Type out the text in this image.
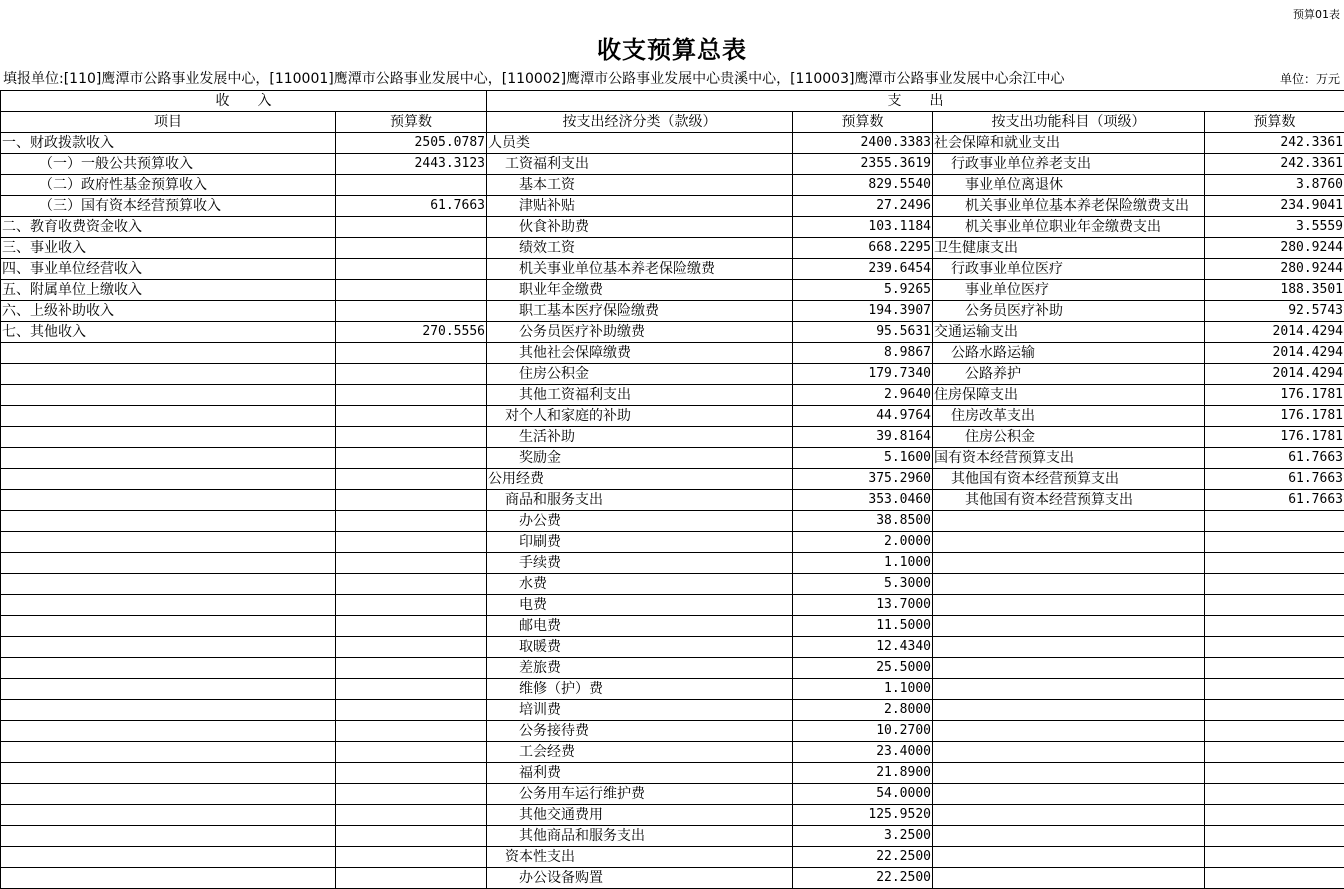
预算01表
收支预算总表
填报单位:[110]鹰潭市公路事业发展中心，[110001]鹰潭市公路事业发展中心，[110002]鹰潭市公路事业发展中心贵溪中心，[110003]鹰潭市公路事业发展中心余江中心	单位：万元
收　　入		支　　出			
项目	预算数	按支出经济分类（款级）	预算数	按支出功能科目（项级）	预算数
一、财政拨款收入	2505.0787	人员类	2400.3383	社会保障和就业支出	242.3361
（一）一般公共预算收入	2443.3123	工资福利支出	2355.3619	行政事业单位养老支出	242.3361
（二）政府性基金预算收入		基本工资	829.5540	事业单位离退休	3.8760
（三）国有资本经营预算收入	61.7663	津贴补贴	27.2496	机关事业单位基本养老保险缴费支出	234.9041
二、教育收费资金收入		伙食补助费	103.1184	机关事业单位职业年金缴费支出	3.5559
三、事业收入		绩效工资	668.2295	卫生健康支出	280.9244
四、事业单位经营收入		机关事业单位基本养老保险缴费	239.6454	行政事业单位医疗	280.9244
五、附属单位上缴收入		职业年金缴费	5.9265	事业单位医疗	188.3501
六、上级补助收入		职工基本医疗保险缴费	194.3907	公务员医疗补助	92.5743
七、其他收入	270.5556	公务员医疗补助缴费	95.5631	交通运输支出	2014.4294
		其他社会保障缴费	8.9867	公路水路运输	2014.4294
		住房公积金	179.7340	公路养护	2014.4294
		其他工资福利支出	2.9640	住房保障支出	176.1781
		对个人和家庭的补助	44.9764	住房改革支出	176.1781
		生活补助	39.8164	住房公积金	176.1781
		奖励金	5.1600	国有资本经营预算支出	61.7663
		公用经费	375.2960	其他国有资本经营预算支出	61.7663
		商品和服务支出	353.0460	其他国有资本经营预算支出	61.7663
		办公费	38.8500		
		印刷费	2.0000		
		手续费	1.1000		
		水费	5.3000		
		电费	13.7000		
		邮电费	11.5000		
		取暖费	12.4340		
		差旅费	25.5000		
		维修（护）费	1.1000		
		培训费	2.8000		
		公务接待费	10.2700		
		工会经费	23.4000		
		福利费	21.8900		
		公务用车运行维护费	54.0000		
		其他交通费用	125.9520		
		其他商品和服务支出	3.2500		
		资本性支出	22.2500		
		办公设备购置	22.2500		
